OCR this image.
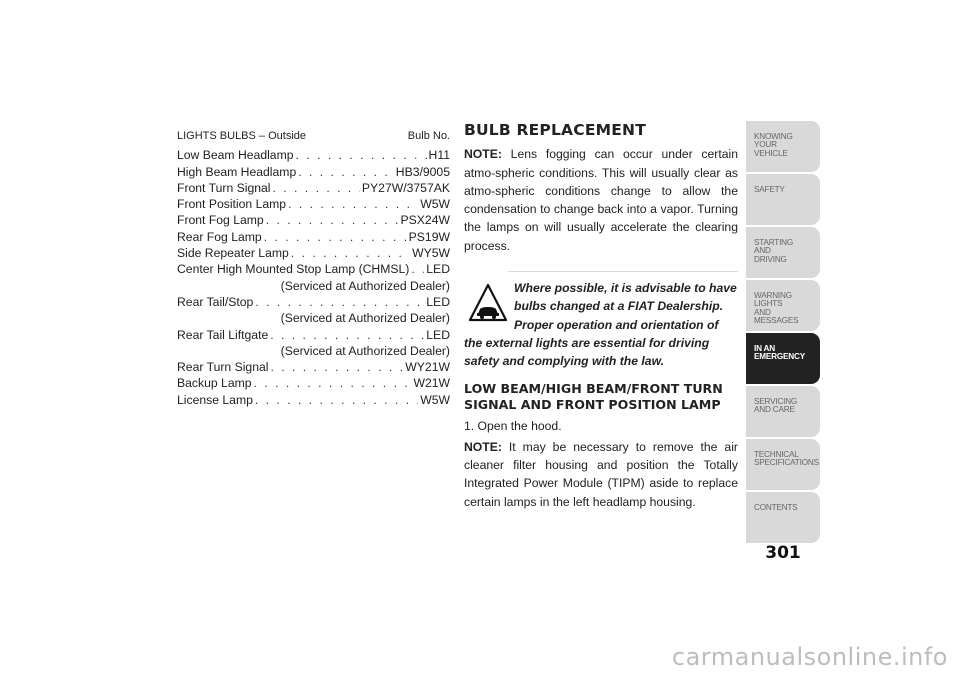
LIGHTS BULBS – Outside	Bulb No.
Low Beam Headlamp . . .	H11
High Beam Headlamp . . .	HB3/9005
Front Turn Signal . . .	PY27W/3757AK
Front Position Lamp . . .	W5W
Front Fog Lamp . . .	PSX24W
Rear Fog Lamp . . .	PS19W
Side Repeater Lamp . . .	WY5W
Center High Mounted Stop Lamp (CHMSL) . . . LED
(Serviced at Authorized Dealer)
Rear Tail/Stop . . .	LED
(Serviced at Authorized Dealer)
Rear Tail Liftgate . . .	LED
(Serviced at Authorized Dealer)
Rear Turn Signal . . .	WY21W
Backup Lamp . . .	W21W
License Lamp . . .	W5W
BULB REPLACEMENT

NOTE: Lens fogging can occur under certain atmo-spheric conditions. This will usually clear as atmo-spheric conditions change to allow the condensation to change back into a vapor. Turning the lamps on will usually accelerate the clearing process.

Where possible, it is advisable to have bulbs changed at a FIAT Dealership. Proper operation and orientation of the external lights are essential for driving safety and complying with the law.
LOW BEAM/HIGH BEAM/FRONT TURN SIGNAL AND FRONT POSITION LAMP

1. Open the hood.

NOTE: It may be necessary to remove the air cleaner filter housing and position the Totally Integrated Power Module (TIPM) aside to replace certain lamps in the left headlamp housing.

KNOWING
YOUR
VEHICLE
SAFETY
STARTING
AND
DRIVING
WARNING
LIGHTS
AND
MESSAGES
IN AN
EMERGENCY
SERVICING
AND CARE
TECHNICAL
SPECIFICATIONS
CONTENTS
301
carmanualsonline.info
